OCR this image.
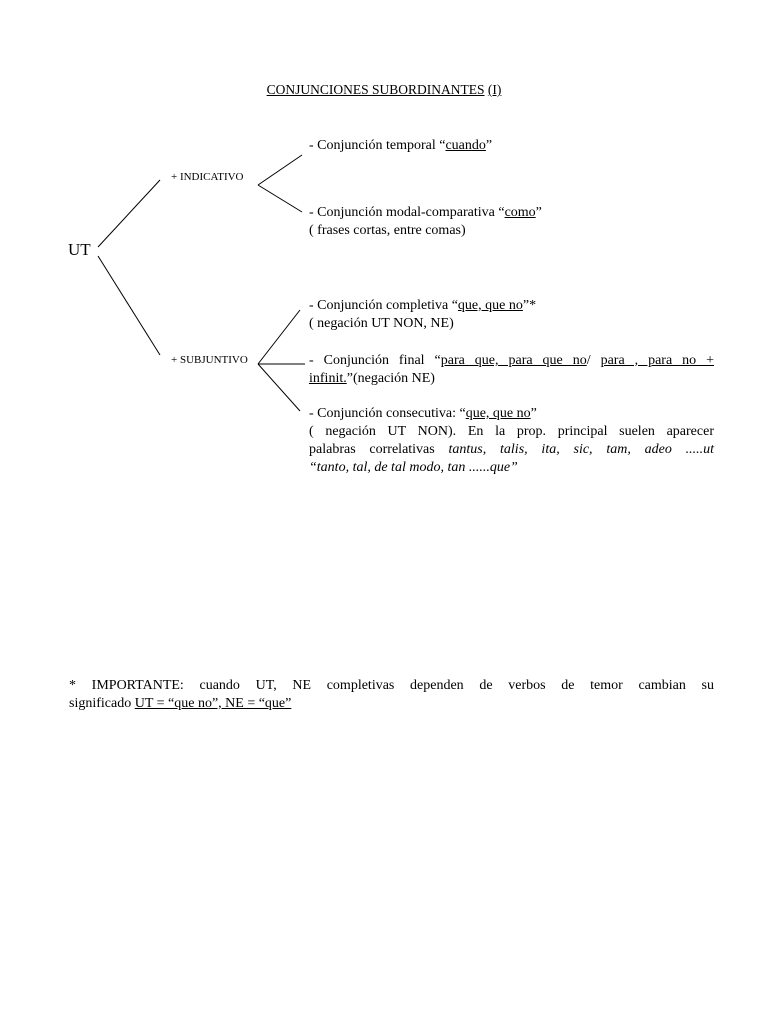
CONJUNCIONES SUBORDINANTES (I)
UT
+ INDICATIVO
+ SUBJUNTIVO
- Conjunción temporal “cuando”
- Conjunción modal-comparativa “como”
( frases cortas, entre comas)
- Conjunción completiva “que, que no”*
( negación UT NON, NE)
- Conjunción final “para que, para que no/ para , para no +
infinit.”(negación NE)
- Conjunción consecutiva: “que, que no”
( negación UT NON). En la prop. principal suelen aparecer
palabras correlativas tantus, talis, ita, sic, tam, adeo .....ut
“tanto, tal, de tal modo, tan ......que”
* IMPORTANTE: cuando UT, NE completivas dependen de verbos de temor cambian su
significado UT = “que no”, NE = “que”
